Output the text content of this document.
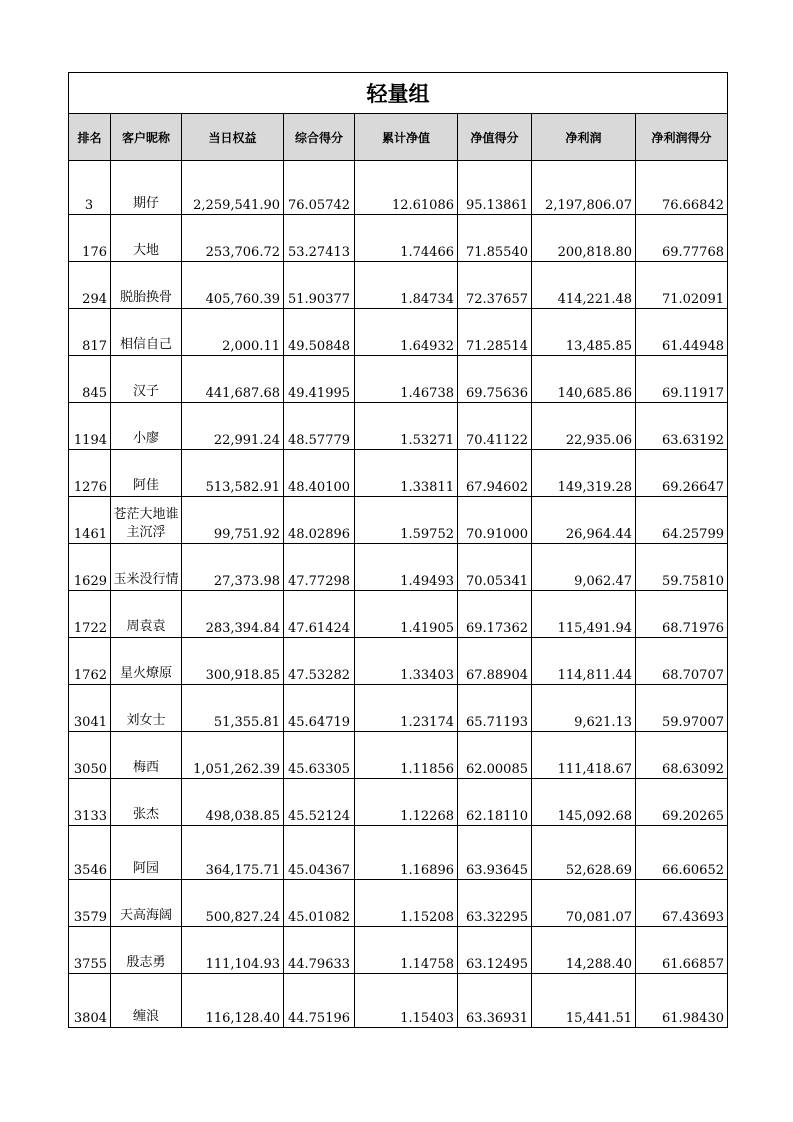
轻量组							
排名	客户昵称	当日权益	综合得分	累计净值	净值得分	净利润	净利润得分
3	期仔	2,259,541.90	76.05742	12.61086	95.13861	2,197,806.07	76.66842
176	大地	253,706.72	53.27413	1.74466	71.85540	200,818.80	69.77768
294	脱胎换骨	405,760.39	51.90377	1.84734	72.37657	414,221.48	71.02091
817	相信自己	2,000.11	49.50848	1.64932	71.28514	13,485.85	61.44948
845	汉子	441,687.68	49.41995	1.46738	69.75636	140,685.86	69.11917
1194	小廖	22,991.24	48.57779	1.53271	70.41122	22,935.06	63.63192
1276	阿佳	513,582.91	48.40100	1.33811	67.94602	149,319.28	69.26647
1461	苍茫大地谁主沉浮	99,751.92	48.02896	1.59752	70.91000	26,964.44	64.25799
1629	玉米没行情	27,373.98	47.77298	1.49493	70.05341	9,062.47	59.75810
1722	周袁袁	283,394.84	47.61424	1.41905	69.17362	115,491.94	68.71976
1762	星火燎原	300,918.85	47.53282	1.33403	67.88904	114,811.44	68.70707
3041	刘女士	51,355.81	45.64719	1.23174	65.71193	9,621.13	59.97007
3050	梅西	1,051,262.39	45.63305	1.11856	62.00085	111,418.67	68.63092
3133	张杰	498,038.85	45.52124	1.12268	62.18110	145,092.68	69.20265
3546	阿园	364,175.71	45.04367	1.16896	63.93645	52,628.69	66.60652
3579	天高海阔	500,827.24	45.01082	1.15208	63.32295	70,081.07	67.43693
3755	殷志勇	111,104.93	44.79633	1.14758	63.12495	14,288.40	61.66857
3804	缠浪	116,128.40	44.75196	1.15403	63.36931	15,441.51	61.98430
